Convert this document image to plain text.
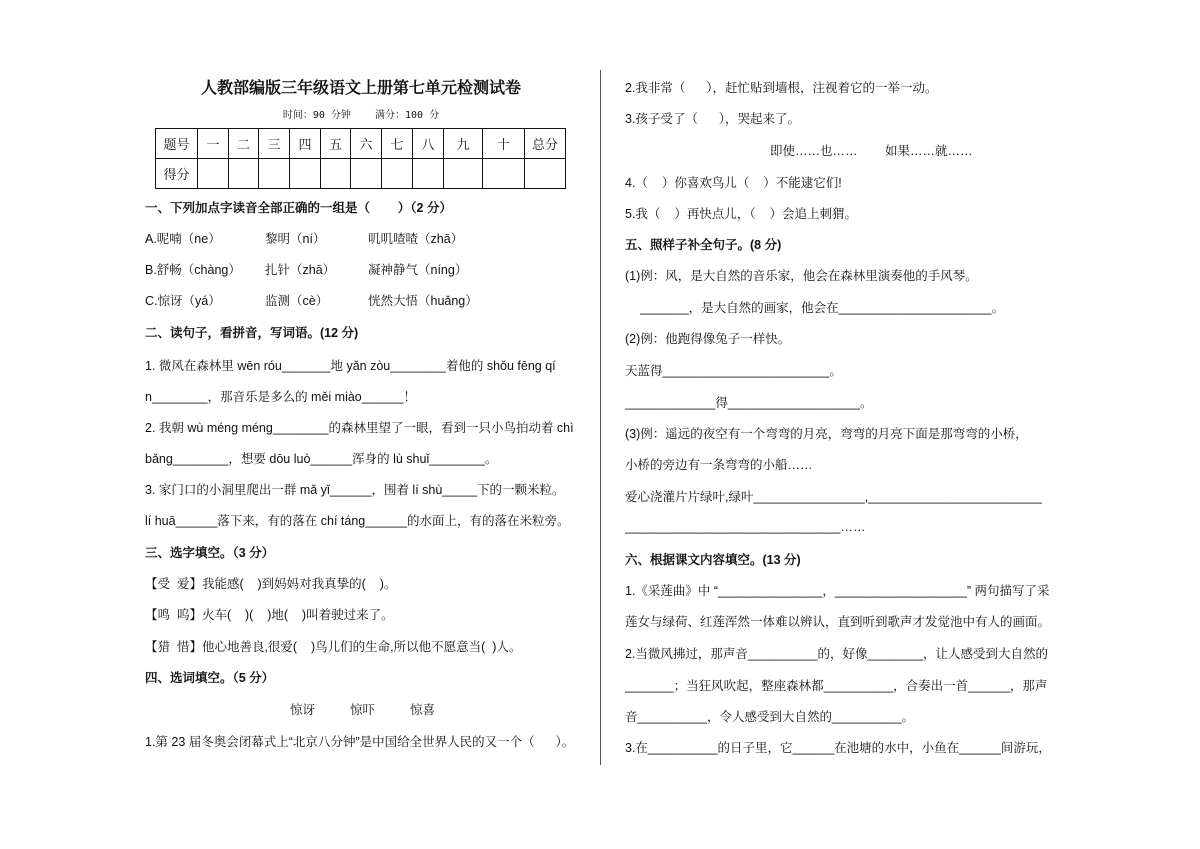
人教部编版三年级语文上册第七单元检测试卷
时间：90 分钟    满分：100 分
题号	一	二	三	四	五	六	七	八	九	十	总分
得分											
一、下列加点字读音全部正确的一组是（        ）（2 分）
A.呢喃（ne）	黎明（ní）	叽叽喳喳（zhā）
B.舒畅（chàng） 扎针（zhā）	凝神静气（níng）
C.惊讶（yá）	监测（cè）	恍然大悟（huǎng）
二、读句子，看拼音，写词语。(12 分)
1. 微风在森林里 wēn róu_______地 yǎn zòu________着他的 shǒu fēng qí
n________，那音乐是多么的 měi miào______！
2. 我朝 wù méng méng________的森林里望了一眼，看到一只小鸟拍动着 chì
bǎng________，想要 dōu luò______浑身的 lù shuǐ________。
3. 家门口的小洞里爬出一群 mǎ yǐ______，围着 lí shù_____下的一颗米粒。
lí huā______落下来，有的落在 chí táng______的水面上，有的落在米粒旁。
三、选字填空。（3 分）
【受  爱】我能感(    )到妈妈对我真挚的(    )。
【鸣  呜】火车(    )(    )地(    )叫着驶过来了。
【猎  惜】他心地善良,很爱(    )鸟儿们的生命,所以他不愿意当(  )人。
四、选词填空。（5 分）
惊讶	惊吓	惊喜
1.第 23 届冬奥会闭幕式上“北京八分钟”是中国给全世界人民的又一个（      ）。
2.我非常（      ），赶忙贴到墙根，注视着它的一举一动。
3.孩子受了（      ），哭起来了。
即使……也…… 如果……就……
4.（    ）你喜欢鸟儿（    ）不能逮它们!
5.我（    ）再快点儿，（    ）会追上刺猬。
五、照样子补全句子。(8 分)
(1)例：风，是大自然的音乐家，他会在森林里演奏他的手风琴。
_______，是大自然的画家，他会在______________________。
(2)例：他跑得像兔子一样快。
天蓝得________________________。
_____________得___________________。
(3)例：遥远的夜空有一个弯弯的月亮，弯弯的月亮下面是那弯弯的小桥，
小桥的旁边有一条弯弯的小船……
爱心浇灌片片绿叶,绿叶________________,_________________________
_______________________________……
六、根据课文内容填空。(13 分)
1.《采莲曲》中 “_______________，___________________” 两句描写了采
莲女与绿荷、红莲浑然一体难以辨认，直到听到歌声才发觉池中有人的画面。
2.当微风拂过，那声音__________的，好像________，让人感受到大自然的
_______；当狂风吹起，整座森林都__________，合奏出一首______，那声
音__________，令人感受到大自然的__________。
3.在__________的日子里，它______在池塘的水中，小鱼在______间游玩，
